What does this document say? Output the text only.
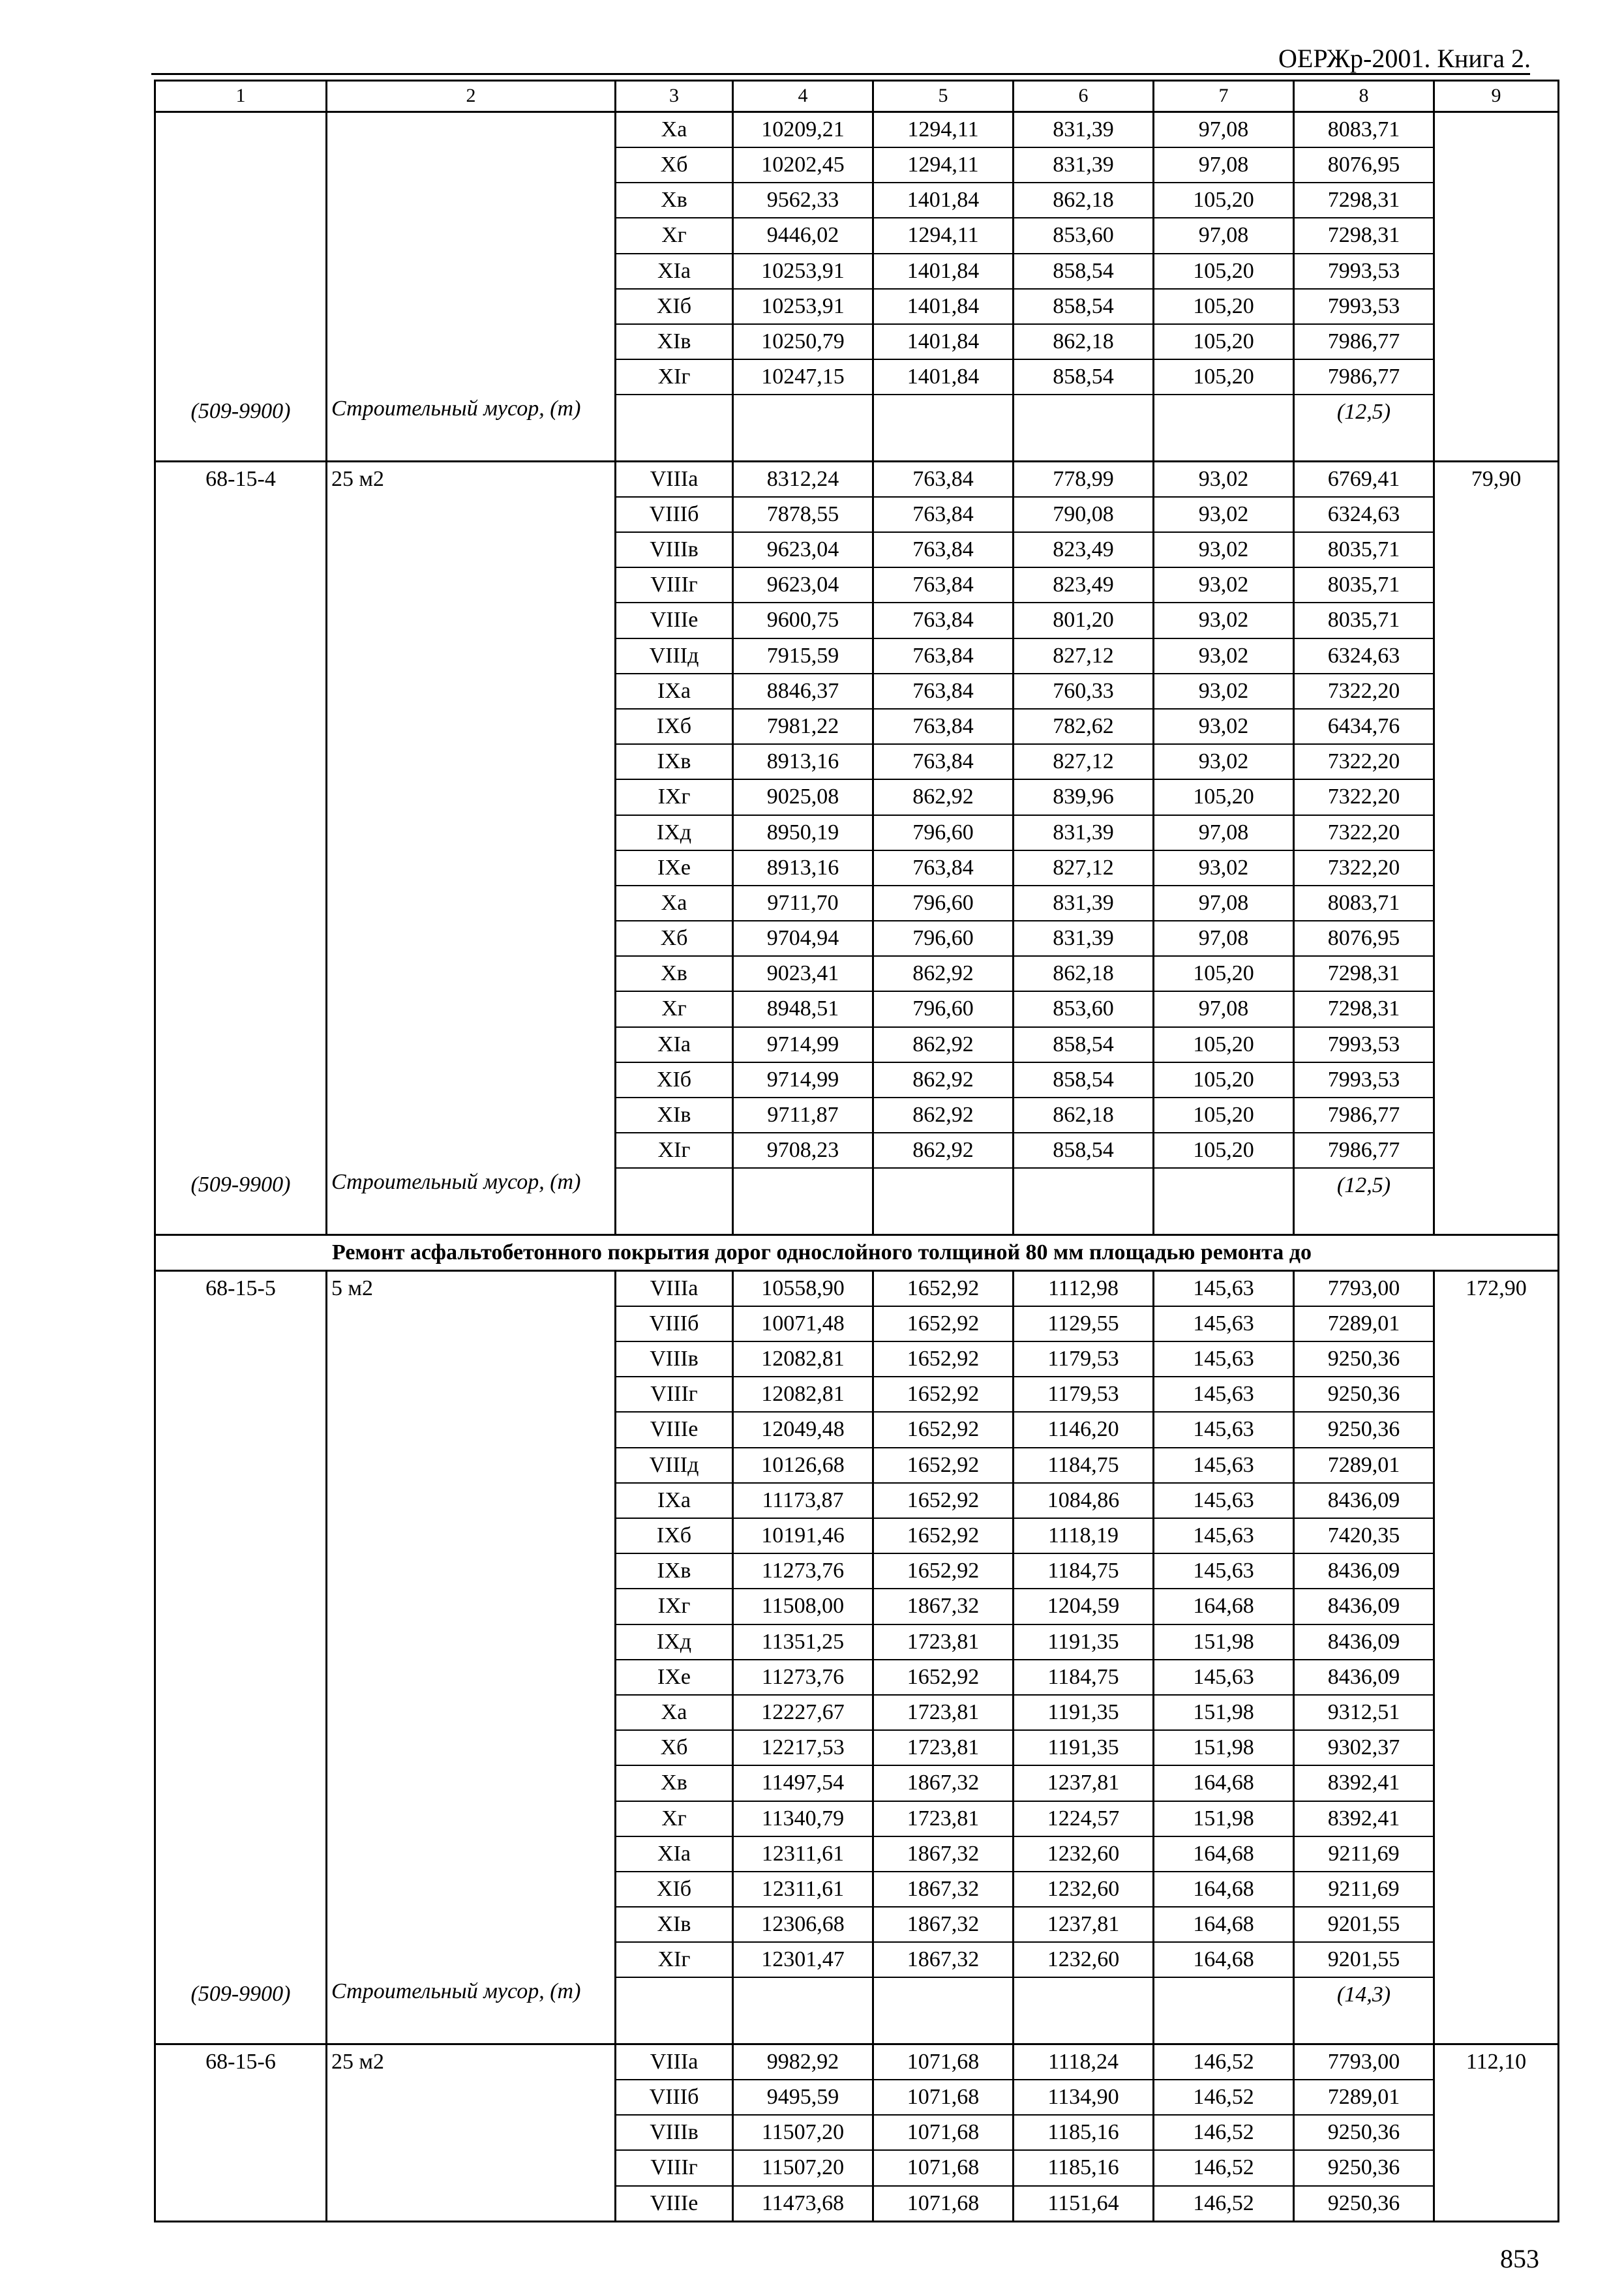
ОЕРЖр-2001. Книга 2.
1	2	3	4	5	6	7	8	9
		Xа	10209,21	1294,11	831,39	97,08	8083,71	
		Xб	10202,45	1294,11	831,39	97,08	8076,95	
		Xв	9562,33	1401,84	862,18	105,20	7298,31	
		Xг	9446,02	1294,11	853,60	97,08	7298,31	
		XIа	10253,91	1401,84	858,54	105,20	7993,53	
		XIб	10253,91	1401,84	858,54	105,20	7993,53	
		XIв	10250,79	1401,84	862,18	105,20	7986,77	
		XIг	10247,15	1401,84	858,54	105,20	7986,77	
(509-9900)	Строительный мусор, (т)						(12,5)	
68-15-4	25 м2	VIIIа	8312,24	763,84	778,99	93,02	6769,41	79,90
		VIIIб	7878,55	763,84	790,08	93,02	6324,63	
		VIIIв	9623,04	763,84	823,49	93,02	8035,71	
		VIIIг	9623,04	763,84	823,49	93,02	8035,71	
		VIIIе	9600,75	763,84	801,20	93,02	8035,71	
		VIIIд	7915,59	763,84	827,12	93,02	6324,63	
		IXа	8846,37	763,84	760,33	93,02	7322,20	
		IXб	7981,22	763,84	782,62	93,02	6434,76	
		IXв	8913,16	763,84	827,12	93,02	7322,20	
		IXг	9025,08	862,92	839,96	105,20	7322,20	
		IXд	8950,19	796,60	831,39	97,08	7322,20	
		IXе	8913,16	763,84	827,12	93,02	7322,20	
		Xа	9711,70	796,60	831,39	97,08	8083,71	
		Xб	9704,94	796,60	831,39	97,08	8076,95	
		Xв	9023,41	862,92	862,18	105,20	7298,31	
		Xг	8948,51	796,60	853,60	97,08	7298,31	
		XIа	9714,99	862,92	858,54	105,20	7993,53	
		XIб	9714,99	862,92	858,54	105,20	7993,53	
		XIв	9711,87	862,92	862,18	105,20	7986,77	
		XIг	9708,23	862,92	858,54	105,20	7986,77	
(509-9900)	Строительный мусор, (т)						(12,5)	
Ремонт асфальтобетонного покрытия дорог однослойного толщиной 80 мм площадью ремонта до								
68-15-5	5 м2	VIIIа	10558,90	1652,92	1112,98	145,63	7793,00	172,90
		VIIIб	10071,48	1652,92	1129,55	145,63	7289,01	
		VIIIв	12082,81	1652,92	1179,53	145,63	9250,36	
		VIIIг	12082,81	1652,92	1179,53	145,63	9250,36	
		VIIIе	12049,48	1652,92	1146,20	145,63	9250,36	
		VIIIд	10126,68	1652,92	1184,75	145,63	7289,01	
		IXа	11173,87	1652,92	1084,86	145,63	8436,09	
		IXб	10191,46	1652,92	1118,19	145,63	7420,35	
		IXв	11273,76	1652,92	1184,75	145,63	8436,09	
		IXг	11508,00	1867,32	1204,59	164,68	8436,09	
		IXд	11351,25	1723,81	1191,35	151,98	8436,09	
		IXе	11273,76	1652,92	1184,75	145,63	8436,09	
		Xа	12227,67	1723,81	1191,35	151,98	9312,51	
		Xб	12217,53	1723,81	1191,35	151,98	9302,37	
		Xв	11497,54	1867,32	1237,81	164,68	8392,41	
		Xг	11340,79	1723,81	1224,57	151,98	8392,41	
		XIа	12311,61	1867,32	1232,60	164,68	9211,69	
		XIб	12311,61	1867,32	1232,60	164,68	9211,69	
		XIв	12306,68	1867,32	1237,81	164,68	9201,55	
		XIг	12301,47	1867,32	1232,60	164,68	9201,55	
(509-9900)	Строительный мусор, (т)						(14,3)	
68-15-6	25 м2	VIIIа	9982,92	1071,68	1118,24	146,52	7793,00	112,10
		VIIIб	9495,59	1071,68	1134,90	146,52	7289,01	
		VIIIв	11507,20	1071,68	1185,16	146,52	9250,36	
		VIIIг	11507,20	1071,68	1185,16	146,52	9250,36	
		VIIIе	11473,68	1071,68	1151,64	146,52	9250,36	
853
